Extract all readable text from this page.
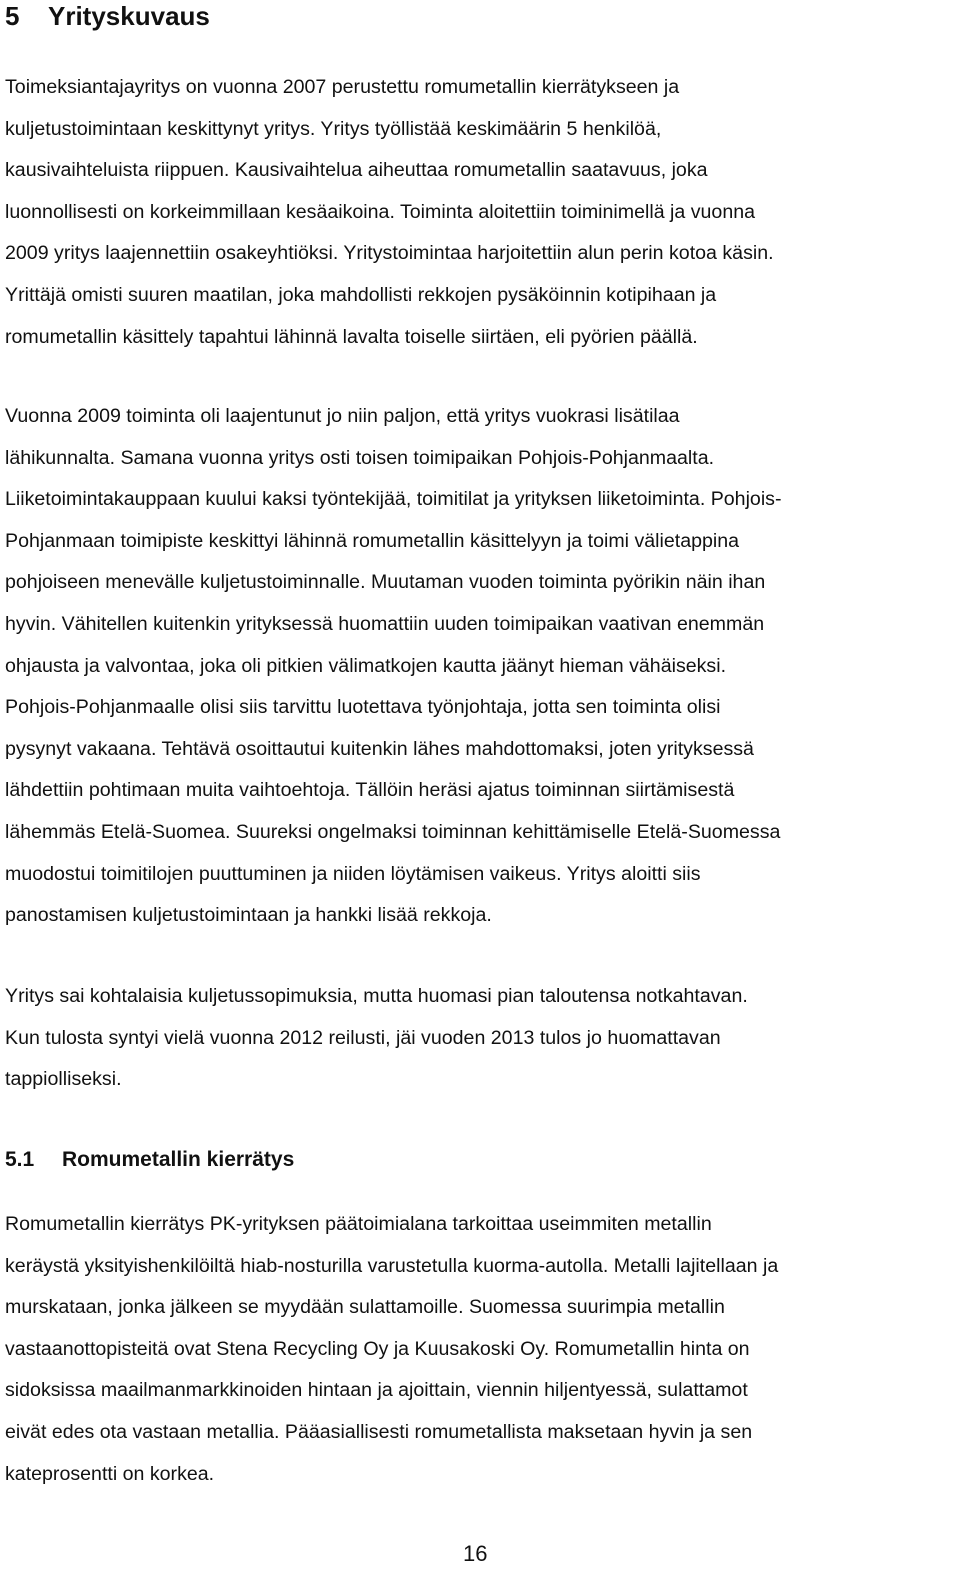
5 Yrityskuvaus

Toimeksiantajayritys on vuonna 2007 perustettu romumetallin kierrätykseen ja
kuljetustoimintaan keskittynyt yritys. Yritys työllistää keskimäärin 5 henkilöä,
kausivaihteluista riippuen. Kausivaihtelua aiheuttaa romumetallin saatavuus, joka
luonnollisesti on korkeimmillaan kesäaikoina. Toiminta aloitettiin toiminimellä ja vuonna
2009 yritys laajennettiin osakeyhtiöksi. Yritystoimintaa harjoitettiin alun perin kotoa käsin.
Yrittäjä omisti suuren maatilan, joka mahdollisti rekkojen pysäköinnin kotipihaan ja
romumetallin käsittely tapahtui lähinnä lavalta toiselle siirtäen, eli pyörien päällä.

Vuonna 2009 toiminta oli laajentunut jo niin paljon, että yritys vuokrasi lisätilaa
lähikunnalta. Samana vuonna yritys osti toisen toimipaikan Pohjois-Pohjanmaalta.
Liiketoimintakauppaan kuului kaksi työntekijää, toimitilat ja yrityksen liiketoiminta. Pohjois-
Pohjanmaan toimipiste keskittyi lähinnä romumetallin käsittelyyn ja toimi välietappina
pohjoiseen menevälle kuljetustoiminnalle. Muutaman vuoden toiminta pyörikin näin ihan
hyvin. Vähitellen kuitenkin yrityksessä huomattiin uuden toimipaikan vaativan enemmän
ohjausta ja valvontaa, joka oli pitkien välimatkojen kautta jäänyt hieman vähäiseksi.
Pohjois-Pohjanmaalle olisi siis tarvittu luotettava työnjohtaja, jotta sen toiminta olisi
pysynyt vakaana. Tehtävä osoittautui kuitenkin lähes mahdottomaksi, joten yrityksessä
lähdettiin pohtimaan muita vaihtoehtoja. Tällöin heräsi ajatus toiminnan siirtämisestä
lähemmäs Etelä-Suomea. Suureksi ongelmaksi toiminnan kehittämiselle Etelä-Suomessa
muodostui toimitilojen puuttuminen ja niiden löytämisen vaikeus. Yritys aloitti siis
panostamisen kuljetustoimintaan ja hankki lisää rekkoja.

Yritys sai kohtalaisia kuljetussopimuksia, mutta huomasi pian taloutensa notkahtavan.
Kun tulosta syntyi vielä vuonna 2012 reilusti, jäi vuoden 2013 tulos jo huomattavan
tappiolliseksi.

5.1 Romumetallin kierrätys

Romumetallin kierrätys PK-yrityksen päätoimialana tarkoittaa useimmiten metallin
keräystä yksityishenkilöiltä hiab-nosturilla varustetulla kuorma-autolla. Metalli lajitellaan ja
murskataan, jonka jälkeen se myydään sulattamoille. Suomessa suurimpia metallin
vastaanottopisteitä ovat Stena Recycling Oy ja Kuusakoski Oy. Romumetallin hinta on
sidoksissa maailmanmarkkinoiden hintaan ja ajoittain, viennin hiljentyessä, sulattamot
eivät edes ota vastaan metallia. Pääasiallisesti romumetallista maksetaan hyvin ja sen
kateprosentti on korkea.

16
